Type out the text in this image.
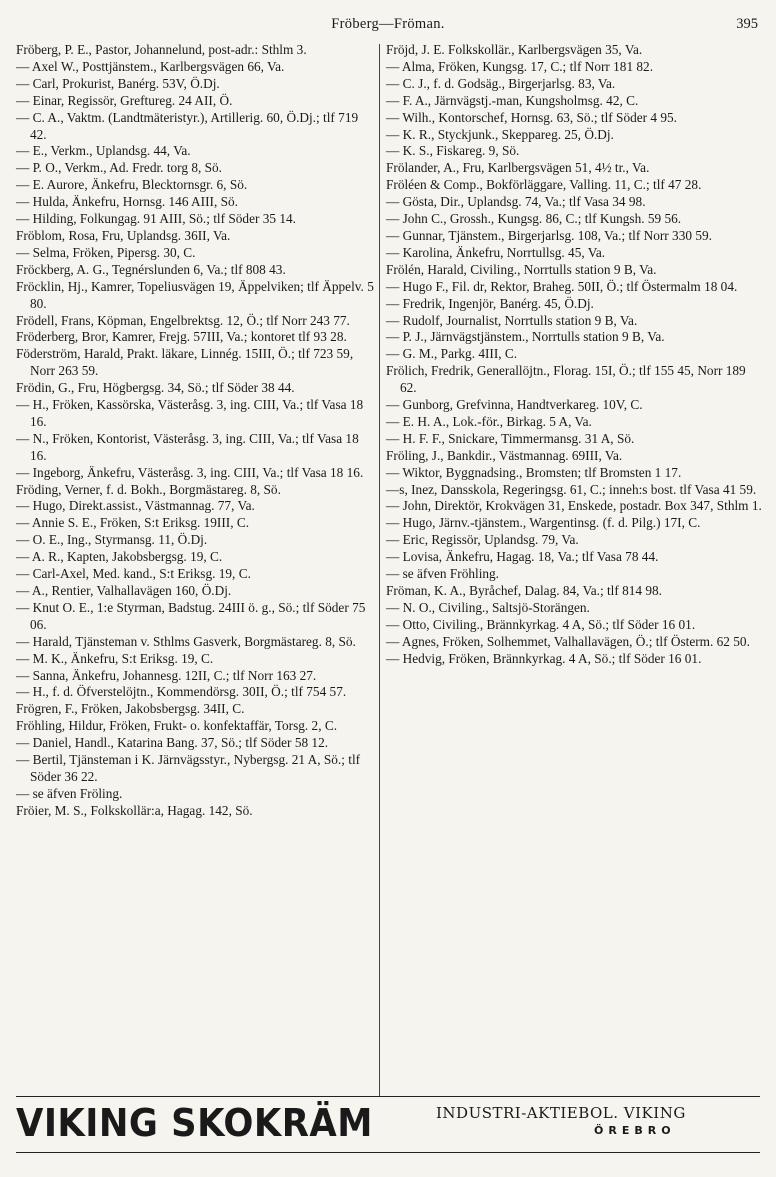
Fröberg—Fröman.	395

Fröberg, P. E., Pastor, Johannelund, post-adr.: Sthlm 3.

— Axel W., Posttjänstem., Karlbergsvägen 66, Va.

— Carl, Prokurist, Banérg. 53V, Ö.Dj.

— Einar, Regissör, Greftureg. 24 AII, Ö.

— C. A., Vaktm. (Landtmäteristyr.), Artillerig. 60, Ö.Dj.; tlf 719 42.

— E., Verkm., Uplandsg. 44, Va.

— P. O., Verkm., Ad. Fredr. torg 8, Sö.

— E. Aurore, Änkefru, Blecktornsgr. 6, Sö.

— Hulda, Änkefru, Hornsg. 146 AIII, Sö.

— Hilding, Folkungag. 91 AIII, Sö.; tlf Söder 35 14.

Fröblom, Rosa, Fru, Uplandsg. 36II, Va.

— Selma, Fröken, Pipersg. 30, C.

Fröckberg, A. G., Tegnérslunden 6, Va.; tlf 808 43.

Fröcklin, Hj., Kamrer, Topeliusvägen 19, Äppelviken; tlf Äppelv. 5 80.

Frödell, Frans, Köpman, Engelbrektsg. 12, Ö.; tlf Norr 243 77.

Fröderberg, Bror, Kamrer, Frejg. 57III, Va.; kontoret tlf 93 28.

Föderström, Harald, Prakt. läkare, Linnég. 15III, Ö.; tlf 723 59, Norr 263 59.

Frödin, G., Fru, Högbergsg. 34, Sö.; tlf Söder 38 44.

— H., Fröken, Kassörska, Västeråsg. 3, ing. CIII, Va.; tlf Vasa 18 16.

— N., Fröken, Kontorist, Västeråsg. 3, ing. CIII, Va.; tlf Vasa 18 16.

— Ingeborg, Änkefru, Västeråsg. 3, ing. CIII, Va.; tlf Vasa 18 16.

Fröding, Verner, f. d. Bokh., Borgmästareg. 8, Sö.

— Hugo, Direkt.assist., Västmannag. 77, Va.

— Annie S. E., Fröken, S:t Eriksg. 19III, C.

— O. E., Ing., Styrmansg. 11, Ö.Dj.

— A. R., Kapten, Jakobsbergsg. 19, C.

— Carl-Axel, Med. kand., S:t Eriksg. 19, C.

— A., Rentier, Valhallavägen 160, Ö.Dj.

— Knut O. E., 1:e Styrman, Badstug. 24III ö. g., Sö.; tlf Söder 75 06.

— Harald, Tjänsteman v. Sthlms Gasverk, Borgmästareg. 8, Sö.

— M. K., Änkefru, S:t Eriksg. 19, C.

— Sanna, Änkefru, Johannesg. 12II, C.; tlf Norr 163 27.

— H., f. d. Öfverstelöjtn., Kommendörsg. 30II, Ö.; tlf 754 57.

Frögren, F., Fröken, Jakobsbergsg. 34II, C.

Fröhling, Hildur, Fröken, Frukt- o. konfektaffär, Torsg. 2, C.

— Daniel, Handl., Katarina Bang. 37, Sö.; tlf Söder 58 12.

— Bertil, Tjänsteman i K. Järnvägsstyr., Nybergsg. 21 A, Sö.; tlf Söder 36 22.

— se äfven Fröling.

Fröier, M. S., Folkskollär:a, Hagag. 142, Sö.

Fröjd, J. E. Folkskollär., Karlbergsvägen 35, Va.

— Alma, Fröken, Kungsg. 17, C.; tlf Norr 181 82.

— C. J., f. d. Godsäg., Birgerjarlsg. 83, Va.

— F. A., Järnvägstj.-man, Kungsholmsg. 42, C.

— Wilh., Kontorschef, Hornsg. 63, Sö.; tlf Söder 4 95.

— K. R., Styckjunk., Skeppareg. 25, Ö.Dj.

— K. S., Fiskareg. 9, Sö.

Frölander, A., Fru, Karlbergsvägen 51, 4½ tr., Va.

Fröléen & Comp., Bokförläggare, Valling. 11, C.; tlf 47 28.

— Gösta, Dir., Uplandsg. 74, Va.; tlf Vasa 34 98.

— John C., Grossh., Kungsg. 86, C.; tlf Kungsh. 59 56.

— Gunnar, Tjänstem., Birgerjarlsg. 108, Va.; tlf Norr 330 59.

— Karolina, Änkefru, Norrtullsg. 45, Va.

Frölén, Harald, Civiling., Norrtulls station 9 B, Va.

— Hugo F., Fil. dr, Rektor, Braheg. 50II, Ö.; tlf Östermalm 18 04.

— Fredrik, Ingenjör, Banérg. 45, Ö.Dj.

— Rudolf, Journalist, Norrtulls station 9 B, Va.

— P. J., Järnvägstjänstem., Norrtulls station 9 B, Va.

— G. M., Parkg. 4III, C.

Frölich, Fredrik, Generallöjtn., Florag. 15I, Ö.; tlf 155 45, Norr 189 62.

— Gunborg, Grefvinna, Handtverkareg. 10V, C.

— E. H. A., Lok.-för., Birkag. 5 A, Va.

— H. F. F., Snickare, Timmermansg. 31 A, Sö.

Fröling, J., Bankdir., Västmannag. 69III, Va.

— Wiktor, Byggnadsing., Bromsten; tlf Bromsten 1 17.

—s, Inez, Dansskola, Regeringsg. 61, C.; inneh:s bost. tlf Vasa 41 59.

— John, Direktör, Krokvägen 31, Enskede, postadr. Box 347, Sthlm 1.

— Hugo, Järnv.-tjänstem., Wargentinsg. (f. d. Pilg.) 17I, C.

— Eric, Regissör, Uplandsg. 79, Va.

— Lovisa, Änkefru, Hagag. 18, Va.; tlf Vasa 78 44.

— se äfven Fröhling.

Fröman, K. A., Byråchef, Dalag. 84, Va.; tlf 814 98.

— N. O., Civiling., Saltsjö-Storängen.

— Otto, Civiling., Brännkyrkag. 4 A, Sö.; tlf Söder 16 01.

— Agnes, Fröken, Solhemmet, Valhallavägen, Ö.; tlf Österm. 62 50.

— Hedvig, Fröken, Brännkyrkag. 4 A, Sö.; tlf Söder 16 01.

VIKING SKOKRÄM	INDUSTRI-AKTIEBOL. VIKING
ÖREBRO
